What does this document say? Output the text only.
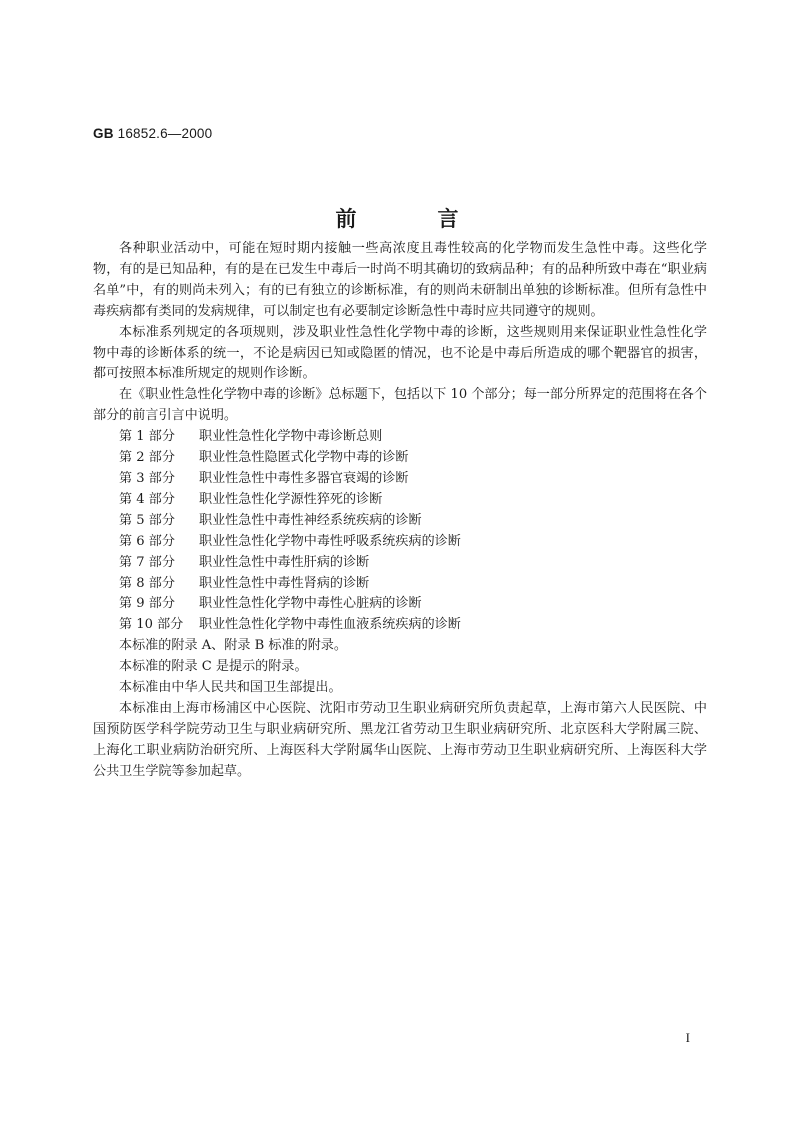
GB 16852.6—2000
前　言

各种职业活动中，可能在短时期内接触一些高浓度且毒性较高的化学物而发生急性中毒。这些化学物，有的是已知品种，有的是在已发生中毒后一时尚不明其确切的致病品种；有的品种所致中毒在“职业病名单”中，有的则尚未列入；有的已有独立的诊断标准，有的则尚未研制出单独的诊断标准。但所有急性中毒疾病都有类同的发病规律，可以制定也有必要制定诊断急性中毒时应共同遵守的规则。

本标准系列规定的各项规则，涉及职业性急性化学物中毒的诊断，这些规则用来保证职业性急性化学物中毒的诊断体系的统一，不论是病因已知或隐匿的情况，也不论是中毒后所造成的哪个靶器官的损害，都可按照本标准所规定的规则作诊断。

在《职业性急性化学物中毒的诊断》总标题下，包括以下 10 个部分；每一部分所界定的范围将在各个部分的前言引言中说明。

第 1 部分 职业性急性化学物中毒诊断总则
第 2 部分 职业性急性隐匿式化学物中毒的诊断
第 3 部分 职业性急性中毒性多器官衰竭的诊断
第 4 部分 职业性急性化学源性猝死的诊断
第 5 部分 职业性急性中毒性神经系统疾病的诊断
第 6 部分 职业性急性化学物中毒性呼吸系统疾病的诊断
第 7 部分 职业性急性中毒性肝病的诊断
第 8 部分 职业性急性中毒性肾病的诊断
第 9 部分 职业性急性化学物中毒性心脏病的诊断
第 10 部分 职业性急性化学物中毒性血液系统疾病的诊断

本标准的附录 A、附录 B 标准的附录。

本标准的附录 C 是提示的附录。

本标准由中华人民共和国卫生部提出。

本标准由上海市杨浦区中心医院、沈阳市劳动卫生职业病研究所负责起草，上海市第六人民医院、中国预防医学科学院劳动卫生与职业病研究所、黑龙江省劳动卫生职业病研究所、北京医科大学附属三院、上海化工职业病防治研究所、上海医科大学附属华山医院、上海市劳动卫生职业病研究所、上海医科大学公共卫生学院等参加起草。

I
